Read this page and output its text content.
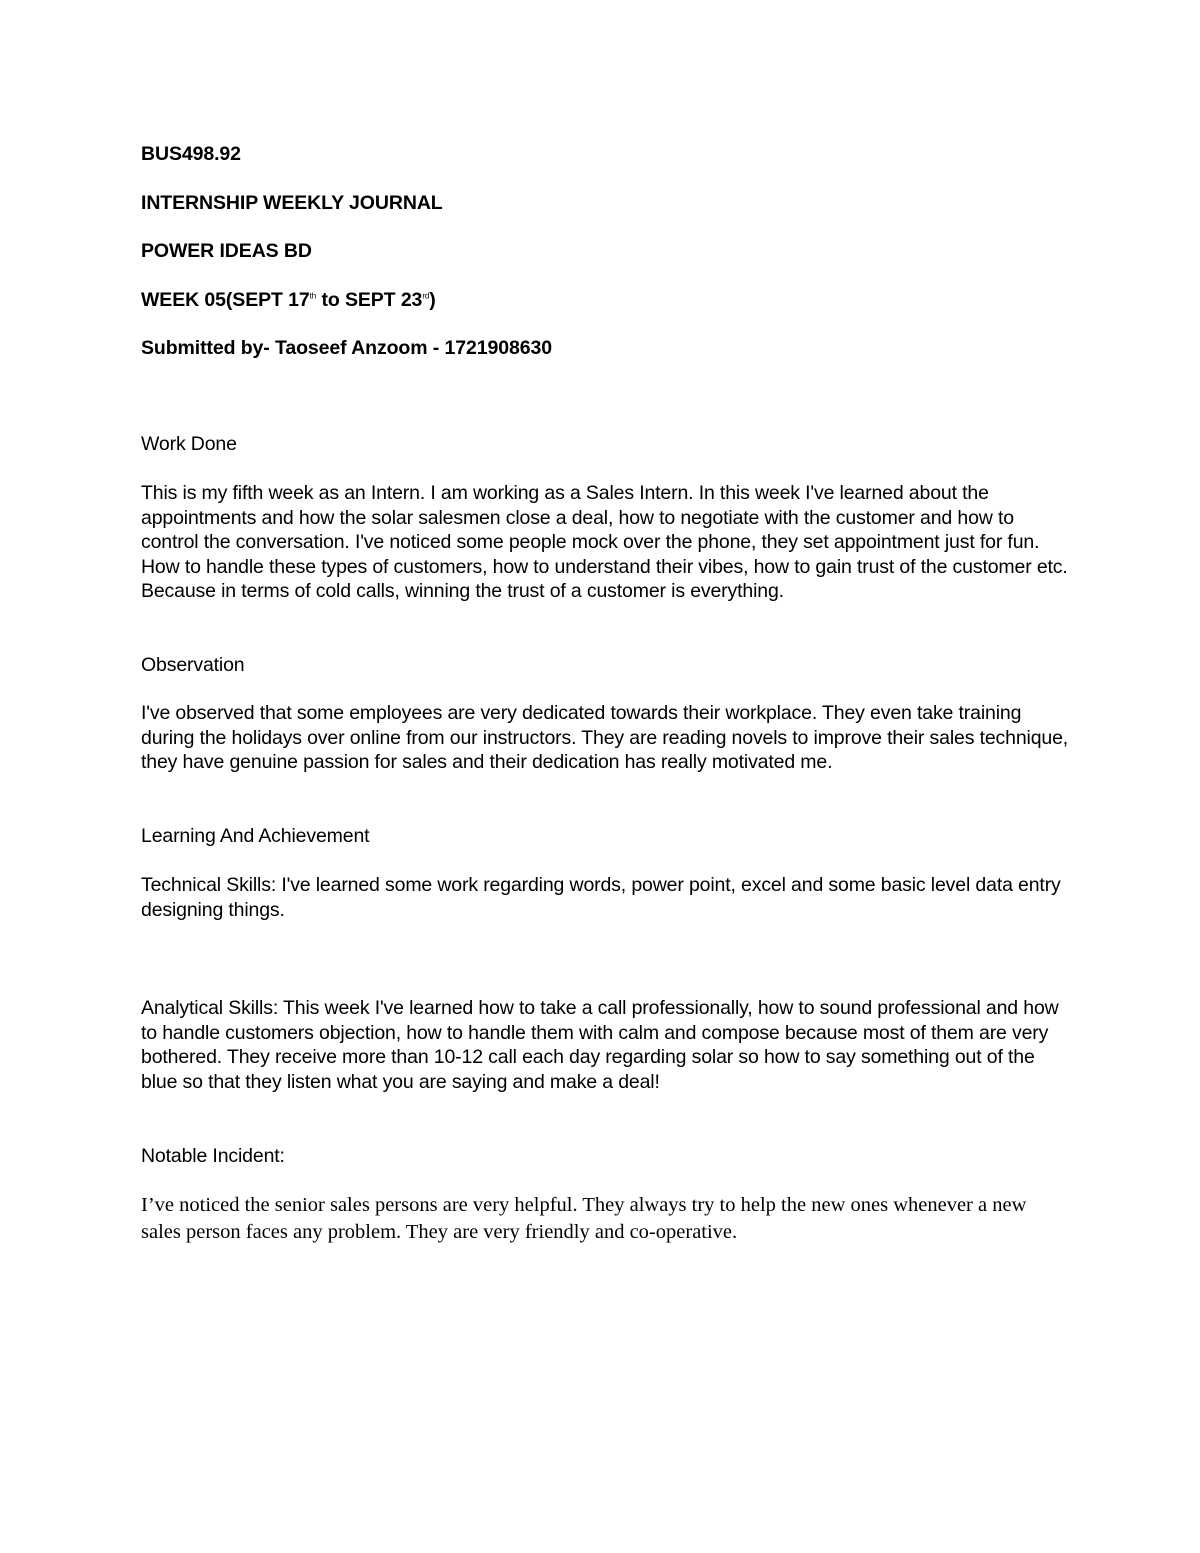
BUS498.92
INTERNSHIP WEEKLY JOURNAL
POWER IDEAS BD
WEEK 05(SEPT 17th to SEPT 23rd)
Submitted by- Taoseef Anzoom - 1721908630
Work Done
This is my fifth week as an Intern. I am working as a Sales Intern. In this week I've learned about the appointments and how the solar salesmen close a deal, how to negotiate with the customer and how to control the conversation. I've noticed some people mock over the phone, they set appointment just for fun. How to handle these types of customers, how to understand their vibes, how to gain trust of the customer etc. Because in terms of cold calls, winning the trust of a customer is everything.
Observation
I've observed that some employees are very dedicated towards their workplace. They even take training during the holidays over online from our instructors. They are reading novels to improve their sales technique, they have genuine passion for sales and their dedication has really motivated me.
Learning And Achievement
Technical Skills: I've learned some work regarding words, power point, excel and some basic level data entry designing things.
Analytical Skills: This week I've learned how to take a call professionally, how to sound professional and how to handle customers objection, how to handle them with calm and compose because most of them are very bothered. They receive more than 10-12 call each day regarding solar so how to say something out of the blue so that they listen what you are saying and make a deal!
Notable Incident:
I’ve noticed the senior sales persons are very helpful. They always try to help the new ones whenever a new sales person faces any problem. They are very friendly and co-operative.
